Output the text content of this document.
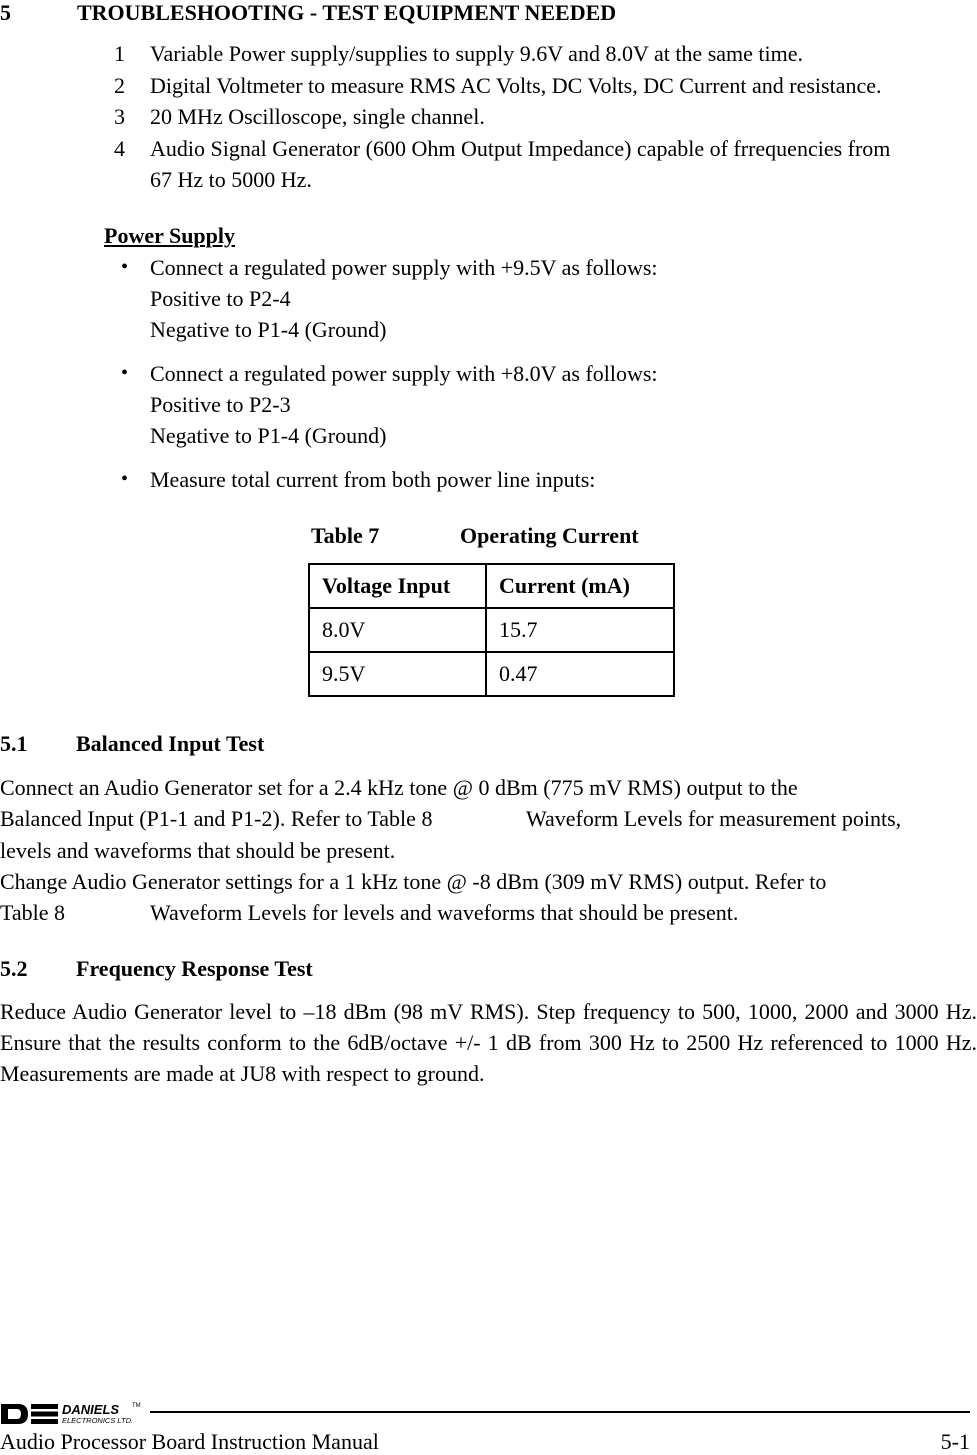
5	TROUBLESHOOTING - TEST EQUIPMENT NEEDED
1 Variable Power supply/supplies to supply 9.6V and 8.0V at the same time.
2 Digital Voltmeter to measure RMS AC Volts, DC Volts, DC Current and resistance.
3 20 MHz Oscilloscope, single channel.
4 Audio Signal Generator (600 Ohm Output Impedance) capable of frrequencies from
67 Hz to 5000 Hz.
Power Supply
• Connect a regulated power supply with +9.5V as follows:
Positive to P2-4
Negative to P1-4 (Ground)
• Connect a regulated power supply with +8.0V as follows:
Positive to P2-3
Negative to P1-4 (Ground)
• Measure total current from both power line inputs:
Table 7	Operating Current
Voltage Input	Current (mA)
8.0V	15.7
9.5V	0.47
5.1 Balanced Input Test
Connect an Audio Generator set for a 2.4 kHz tone @ 0 dBm (775 mV RMS) output to the
Balanced Input (P1-1 and P1-2). Refer to Table 8	Waveform Levels for measurement points,
levels and waveforms that should be present.
Change Audio Generator settings for a 1 kHz tone @ -8 dBm (309 mV RMS) output. Refer to
Table 8	Waveform Levels for levels and waveforms that should be present.
5.2 Frequency Response Test
Reduce Audio Generator level to –18 dBm (98 mV RMS). Step frequency to 500, 1000, 2000 and 3000 Hz. Ensure that the results conform to the 6dB/octave +/- 1 dB from 300 Hz to 2500 Hz referenced to 1000 Hz. Measurements are made at JU8 with respect to ground.
DANIELS TM
ELECTRONICS LTD.
Audio Processor Board Instruction Manual	5-1
